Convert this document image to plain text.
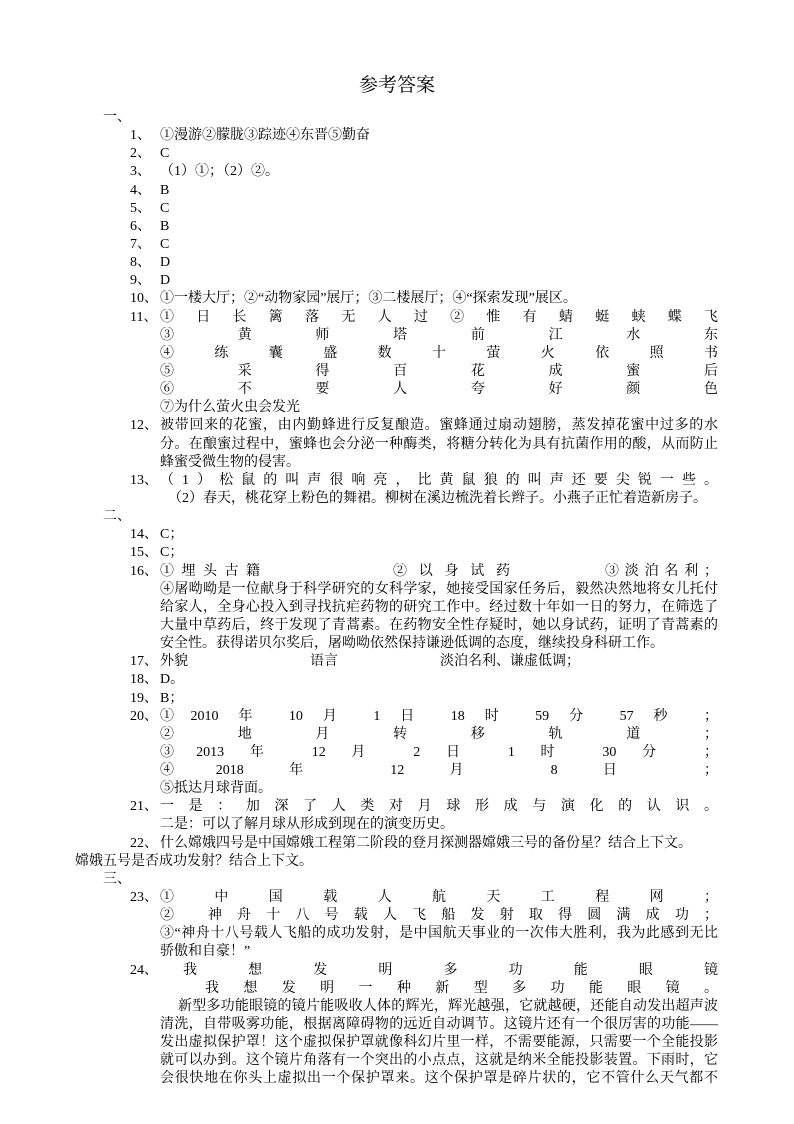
参考答案
一、
1、 ①漫游②朦胧③踪迹④东晋⑤勤奋
2、 C
3、 （1）①；（2）②。
4、 B
5、 C
6、 B
7、 C
8、 D
9、 D
10、 ①一楼大厅；②“动物家园”展厅；③二楼展厅；④“探索发现”展区。
11、 ① 日 长 篱 落 无 人 过 ② 惟 有 蜻 蜓 蛱 蝶 飞
③ 黄 师 塔 前 江 水 东
④ 练 囊 盛 数 十 萤 火 依 照 书
⑤ 采 得 百 花 成 蜜 后
⑥ 不 要 人 夸 好 颜 色
⑦为什么萤火虫会发光
12、 被带回来的花蜜，由内勤蜂进行反复酿造。蜜蜂通过扇动翅膀，蒸发掉花蜜中过多的水
分。在酿蜜过程中，蜜蜂也会分泌一种酶类，将糖分转化为具有抗菌作用的酸，从而防止
蜂蜜受微生物的侵害。
13、 （1）松鼠的叫声很响亮，比黄鼠狼的叫声还要尖锐一些。
（2）春天，桃花穿上粉色的舞裙。柳树在溪边梳洗着长辫子。小燕子正忙着造新房子。
二、
14、 C；
15、 C；
16、 ①埋头古籍	②以身试药	③淡泊名利；
④屠呦呦是一位献身于科学研究的女科学家，她接受国家任务后，毅然决然地将女儿托付
给家人，全身心投入到寻找抗疟药物的研究工作中。经过数十年如一日的努力，在筛选了
大量中草药后，终于发现了青蒿素。在药物安全性存疑时，她以身试药，证明了青蒿素的
安全性。获得诺贝尔奖后，屠呦呦依然保持谦逊低调的态度，继续投身科研工作。
17、 外貌	语言	淡泊名利、谦虚低调；
18、 D。
19、 B；
20、 ①2010 年 10 月 1 日 18 时 59 分 57 秒 ；
② 地 月 转 移 轨 道 ；
③2013 年 12 月 2 日 1 时 30 分 ；
④2018 年 12 月 8 日 ；
⑤抵达月球背面。
21、 一是：加深了人类对月球形成与演化的认识。
二是：可以了解月球从形成到现在的演变历史。
22、 什么嫦娥四号是中国嫦娥工程第二阶段的登月探测器嫦娥三号的备份星？结合上下文。
嫦娥五号是否成功发射？结合上下文。
三、
23、 ① 中 国 载 人 航 天 工 程 网 ；
② 神舟十八号载人飞船发射取得圆满成功；
③“神舟十八号载人飞船的成功发射，是中国航天事业的一次伟大胜利，我为此感到无比
骄傲和自豪！”
24、 我 想 发 明 多 功 能 眼 镜
我 想 发 明 一 种 新 型 多 功 能 眼 镜 。
新型多功能眼镜的镜片能吸收人体的辉光，辉光越强，它就越硬，还能自动发出超声波
清洗，自带吸雾功能，根据离障碍物的远近自动调节。这镜片还有一个很厉害的功能——
发出虚拟保护罩！这个虚拟保护罩就像科幻片里一样，不需要能源，只需要一个全能投影
就可以办到。这个镜片角落有一个突出的小点点，这就是纳米全能投影装置。下雨时，它
会很快地在你头上虚拟出一个保护罩来。这个保护罩是碎片状的，它不管什么天气都不
